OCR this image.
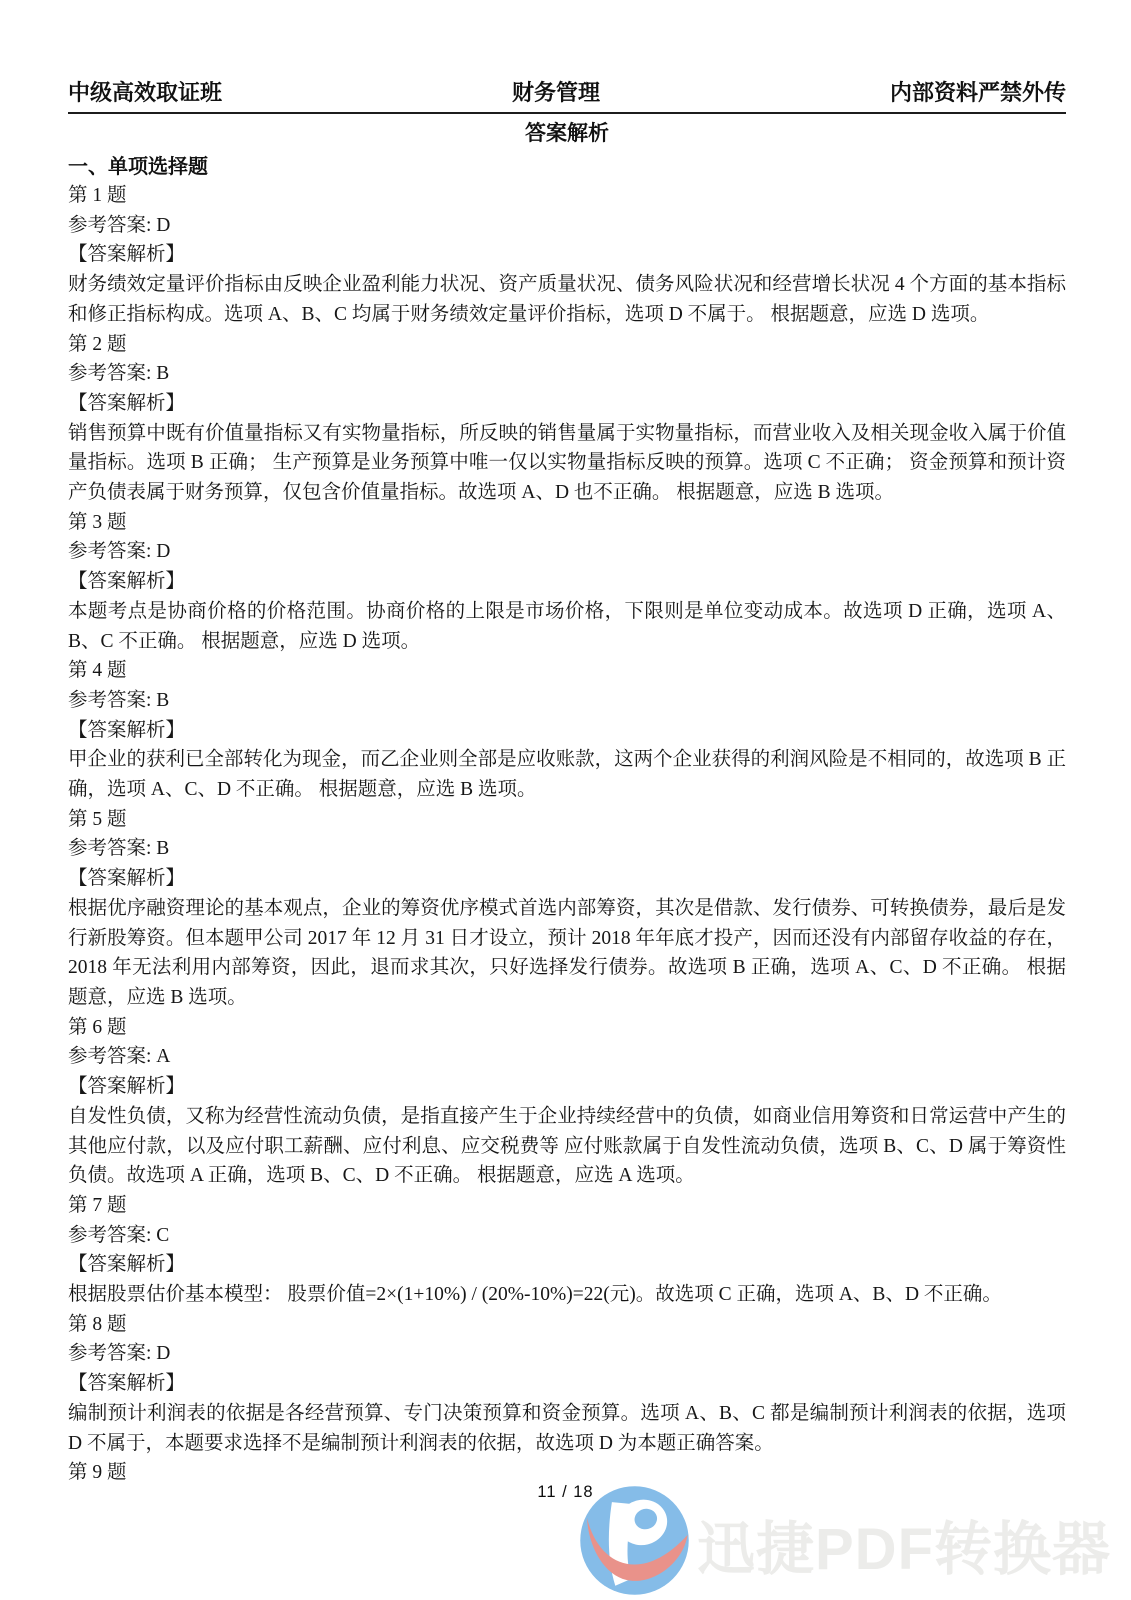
中级高效取证班	财务管理	内部资料严禁外传
答案解析
一、单项选择题
第 1 题
参考答案: D
【答案解析】
财务绩效定量评价指标由反映企业盈利能力状况、资产质量状况、债务风险状况和经营增长状况 4 个方面的基本指标和修正指标构成。选项 A、B、C 均属于财务绩效定量评价指标，选项 D 不属于。 根据题意，应选 D 选项。
第 2 题
参考答案: B
【答案解析】
销售预算中既有价值量指标又有实物量指标，所反映的销售量属于实物量指标，而营业收入及相关现金收入属于价值量指标。选项 B 正确； 生产预算是业务预算中唯一仅以实物量指标反映的预算。选项 C 不正确； 资金预算和预计资产负债表属于财务预算，仅包含价值量指标。故选项 A、D 也不正确。 根据题意，应选 B 选项。
第 3 题
参考答案: D
【答案解析】
本题考点是协商价格的价格范围。协商价格的上限是市场价格，下限则是单位变动成本。故选项 D 正确，选项 A、B、C 不正确。 根据题意，应选 D 选项。
第 4 题
参考答案: B
【答案解析】
甲企业的获利已全部转化为现金，而乙企业则全部是应收账款，这两个企业获得的利润风险是不相同的，故选项 B 正确，选项 A、C、D 不正确。 根据题意，应选 B 选项。
第 5 题
参考答案: B
【答案解析】
根据优序融资理论的基本观点，企业的筹资优序模式首选内部筹资，其次是借款、发行债券、可转换债券，最后是发行新股筹资。但本题甲公司 2017 年 12 月 31 日才设立，预计 2018 年年底才投产，因而还没有内部留存收益的存在，2018 年无法利用内部筹资，因此，退而求其次，只好选择发行债券。故选项 B 正确，选项 A、C、D 不正确。 根据题意，应选 B 选项。
第 6 题
参考答案: A
【答案解析】
自发性负债，又称为经营性流动负债，是指直接产生于企业持续经营中的负债，如商业信用筹资和日常运营中产生的其他应付款，以及应付职工薪酬、应付利息、应交税费等 应付账款属于自发性流动负债，选项 B、C、D 属于筹资性负债。故选项 A 正确，选项 B、C、D 不正确。 根据题意，应选 A 选项。
第 7 题
参考答案: C
【答案解析】
根据股票估价基本模型： 股票价值=2×(1+10%) / (20%-10%)=22(元)。故选项 C 正确，选项 A、B、D 不正确。
第 8 题
参考答案: D
【答案解析】
编制预计利润表的依据是各经营预算、专门决策预算和资金预算。选项 A、B、C 都是编制预计利润表的依据，选项 D 不属于，本题要求选择不是编制预计利润表的依据，故选项 D 为本题正确答案。
第 9 题
11 / 18
迅捷PDF转换器
